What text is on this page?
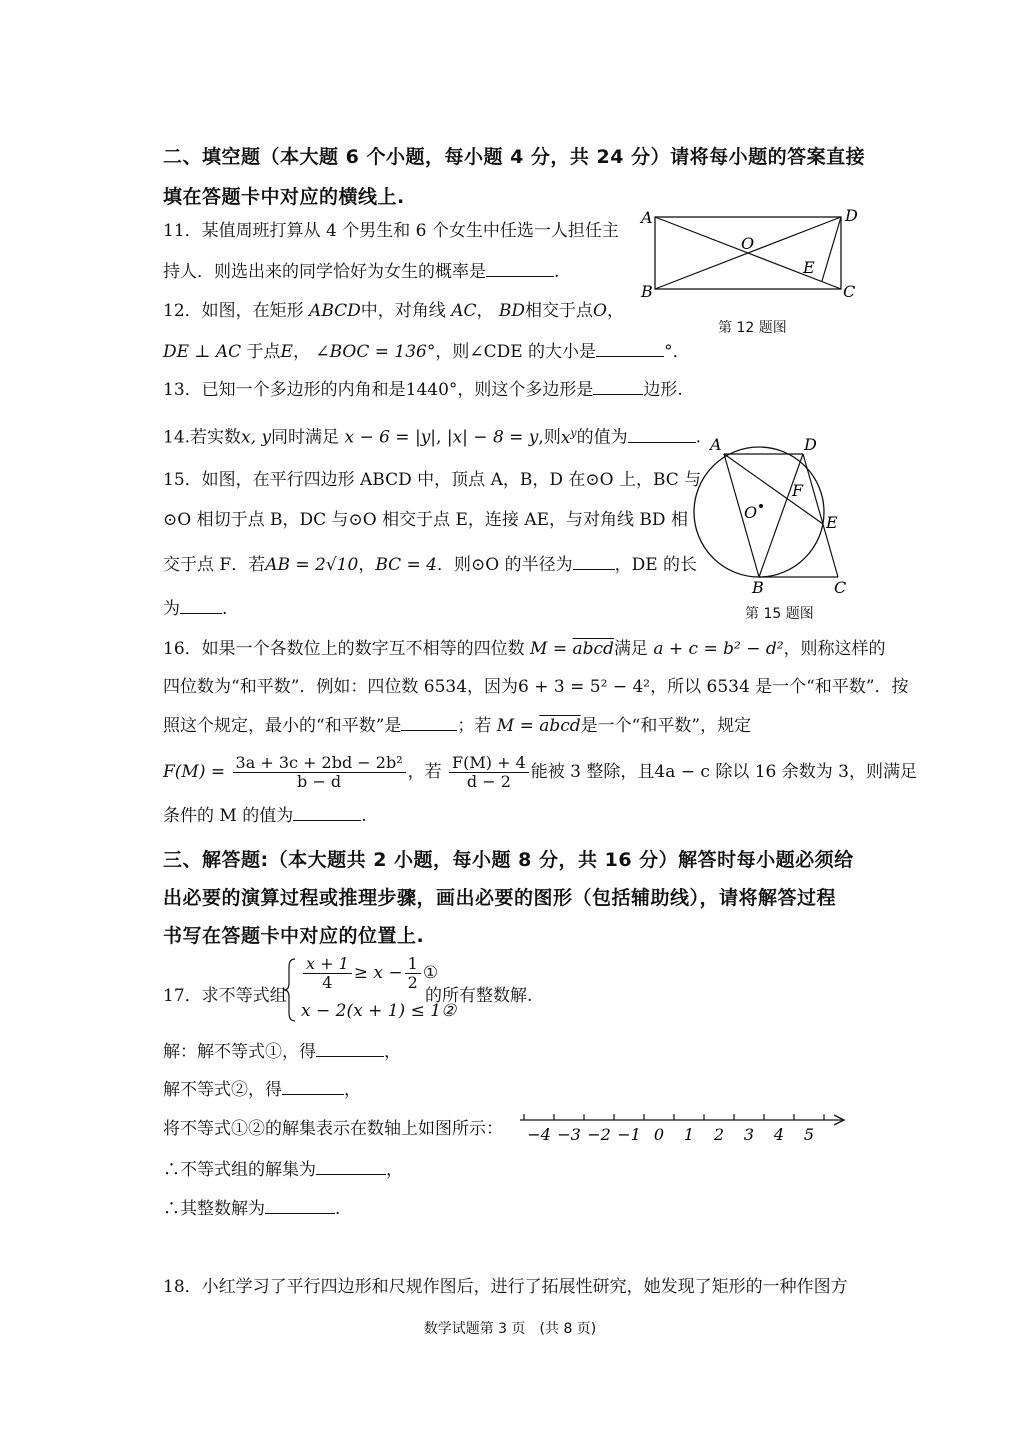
二、填空题（本大题 6 个小题，每小题 4 分，共 24 分）请将每小题的答案直接
填在答题卡中对应的横线上.
11．某值周班打算从 4 个男生和 6 个女生中任选一人担任主
持人．则选出来的同学恰好为女生的概率是	.
A	D
B	C
O
E
第 12 题图
12．如图，在矩形 ABCD中，对角线 AC， BD相交于点O，
DE ⊥ AC 于点E， ∠BOC = 136°，则∠CDE 的大小是	°．
13．已知一个多边形的内角和是1440°，则这个多边形是	边形.
14.若实数x, y同时满足 x − 6 = |y|, |x| − 8 = y,则$x^y$的值为	. A	D
F
O
E
B	C
第 15 题图
15．如图，在平行四边形 ABCD 中，顶点 A，B，D 在⊙O 上，BC 与
⊙O 相切于点 B，DC 与⊙O 相交于点 E，连接 AE，与对角线 BD 相
交于点 F．若AB = 2√10，BC = 4．则⊙O 的半径为 ，DE 的长
为 .
16．如果一个各数位上的数字互不相等的四位数 M = abcd满足 a + c = b² − d²，则称这样的
四位数为“和平数”．例如：四位数 6534，因为6 + 3 = 5² − 4²，所以 6534 是一个“和平数”．按
照这个规定，最小的“和平数”是	；若 M = abcd是一个“和平数”，规定
$F(M) = \frac{\text{3a + 3c + 2bd − 2b²}}{b - d}$ ，若 $\frac{F(M) + 4}{d - 2}$ 能被 3 整除，且4a − c 除以 16 余数为 3，则满足
条件的 M 的值为	.
三、解答题:（本大题共 2 小题，每小题 8 分，共 16 分）解答时每小题必须给
出必要的演算过程或推理步骤，画出必要的图形（包括辅助线），请将解答过程
书写在答题卡中对应的位置上.
17．求不等式组
$\frac{x + 1}{4} \ge x - \frac{1}{2}$ ①
x − 2(x + 1) ≤ 1②
的所有整数解.
解：解不等式①，得	，
解不等式②，得	，
将不等式①②的解集表示在数轴上如图所示： −4 −3 −2 −1 0 1 2 3 4 5
∴不等式组的解集为	，
∴其整数解为	.
18．小红学习了平行四边形和尺规作图后，进行了拓展性研究，她发现了矩形的一种作图方
数学试题第 3 页　(共 8 页)
